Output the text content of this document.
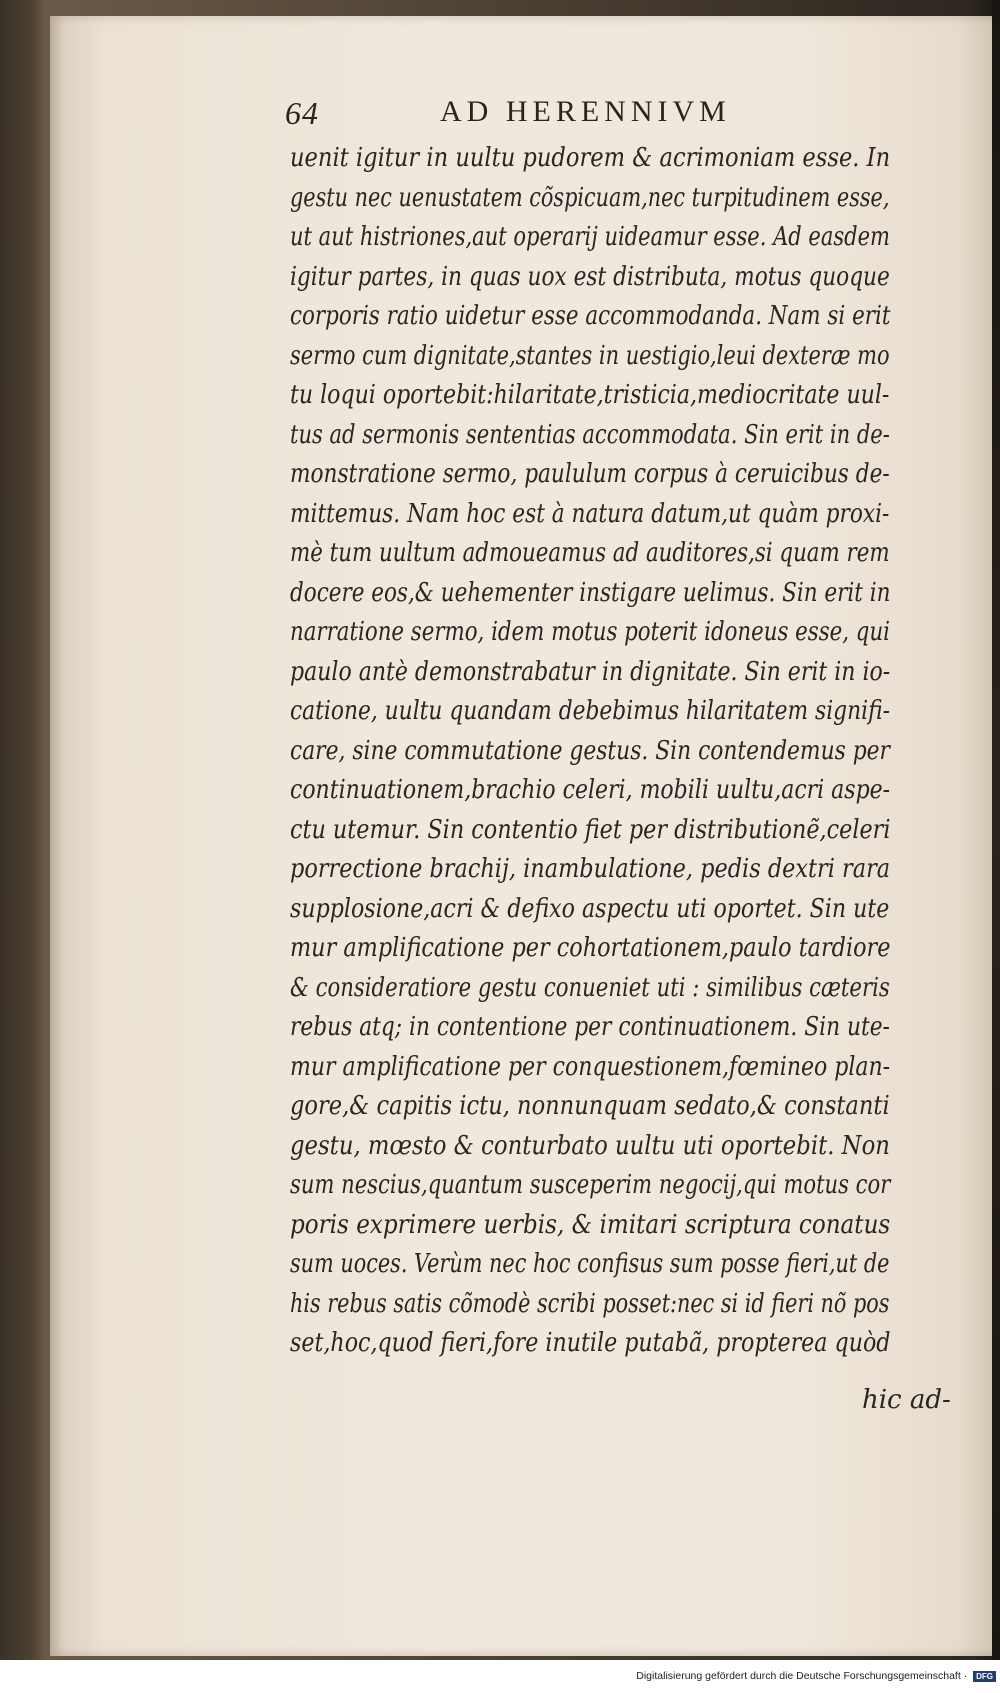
64	AD HERENNIVM
uenit igitur in uultu pudorem & acrimoniam esse. In
gestu nec uenustatem cõspicuam,nec turpitudinem esse,
ut aut histriones,aut operarij uideamur esse. Ad easdem
igitur partes, in quas uox est distributa, motus quoque
corporis ratio uidetur esse accommodanda. Nam si erit
sermo cum dignitate,stantes in uestigio,leui dexteræ mo
tu loqui oportebit:hilaritate,tristicia,mediocritate uul-
tus ad sermonis sententias accommodata. Sin erit in de-
monstratione sermo, paululum corpus à ceruicibus de-
mittemus. Nam hoc est à natura datum,ut quàm proxi-
mè tum uultum admoueamus ad auditores,si quam rem
docere eos,& uehementer instigare uelimus. Sin erit in
narratione sermo, idem motus poterit idoneus esse, qui
paulo antè demonstrabatur in dignitate. Sin erit in io-
catione, uultu quandam debebimus hilaritatem signifi-
care, sine commutatione gestus. Sin contendemus per
continuationem,brachio celeri, mobili uultu,acri aspe-
ctu utemur. Sin contentio fiet per distributionẽ,celeri
porrectione brachij, inambulatione, pedis dextri rara
supplosione,acri & defixo aspectu uti oportet. Sin ute
mur amplificatione per cohortationem,paulo tardiore
& consideratiore gestu conueniet uti : similibus cæteris
rebus atq; in contentione per continuationem. Sin ute-
mur amplificatione per conquestionem,fœmineo plan-
gore,& capitis ictu, nonnunquam sedato,& constanti
gestu, mœsto & conturbato uultu uti oportebit. Non
sum nescius,quantum susceperim negocij,qui motus cor
poris exprimere uerbis, & imitari scriptura conatus
sum uoces. Verùm nec hoc confisus sum posse fieri,ut de
his rebus satis cõmodè scribi posset:nec si id fieri nõ pos
set,hoc,quod fieri,fore inutile putabã, propterea quòd
hic ad-
Digitalisierung gefördert durch die Deutsche Forschungsgemeinschaft · DFG
